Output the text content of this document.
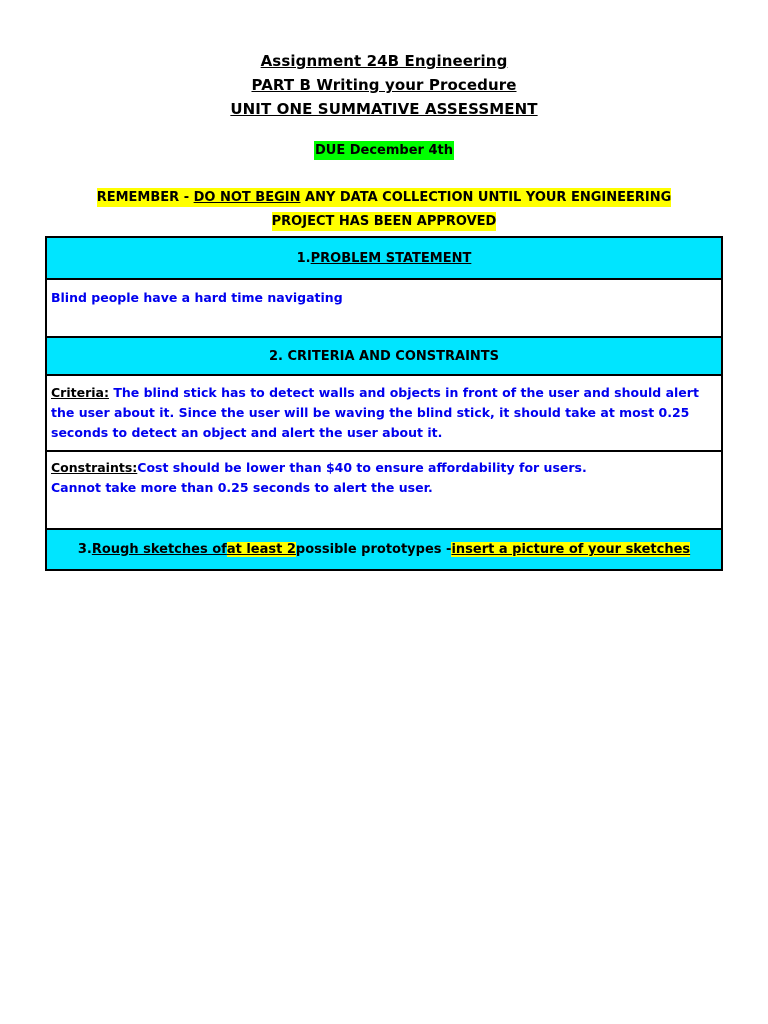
Assignment 24B Engineering
PART B Writing your Procedure
UNIT ONE SUMMATIVE ASSESSMENT
DUE December 4th
REMEMBER - DO NOT BEGIN ANY DATA COLLECTION UNTIL YOUR ENGINEERING
PROJECT HAS BEEN APPROVED
1. PROBLEM STATEMENT
Blind people have a hard time navigating
2. CRITERIA AND CONSTRAINTS
Criteria: The blind stick has to detect walls and objects in front of the user and should alert the user about it. Since the user will be waving the blind stick, it should take at most 0.25 seconds to detect an object and alert the user about it.
Constraints:Cost should be lower than $40 to ensure affordability for users.
Cannot take more than 0.25 seconds to alert the user.
3. Rough sketches of at least 2 possible prototypes - insert a picture of your sketches
